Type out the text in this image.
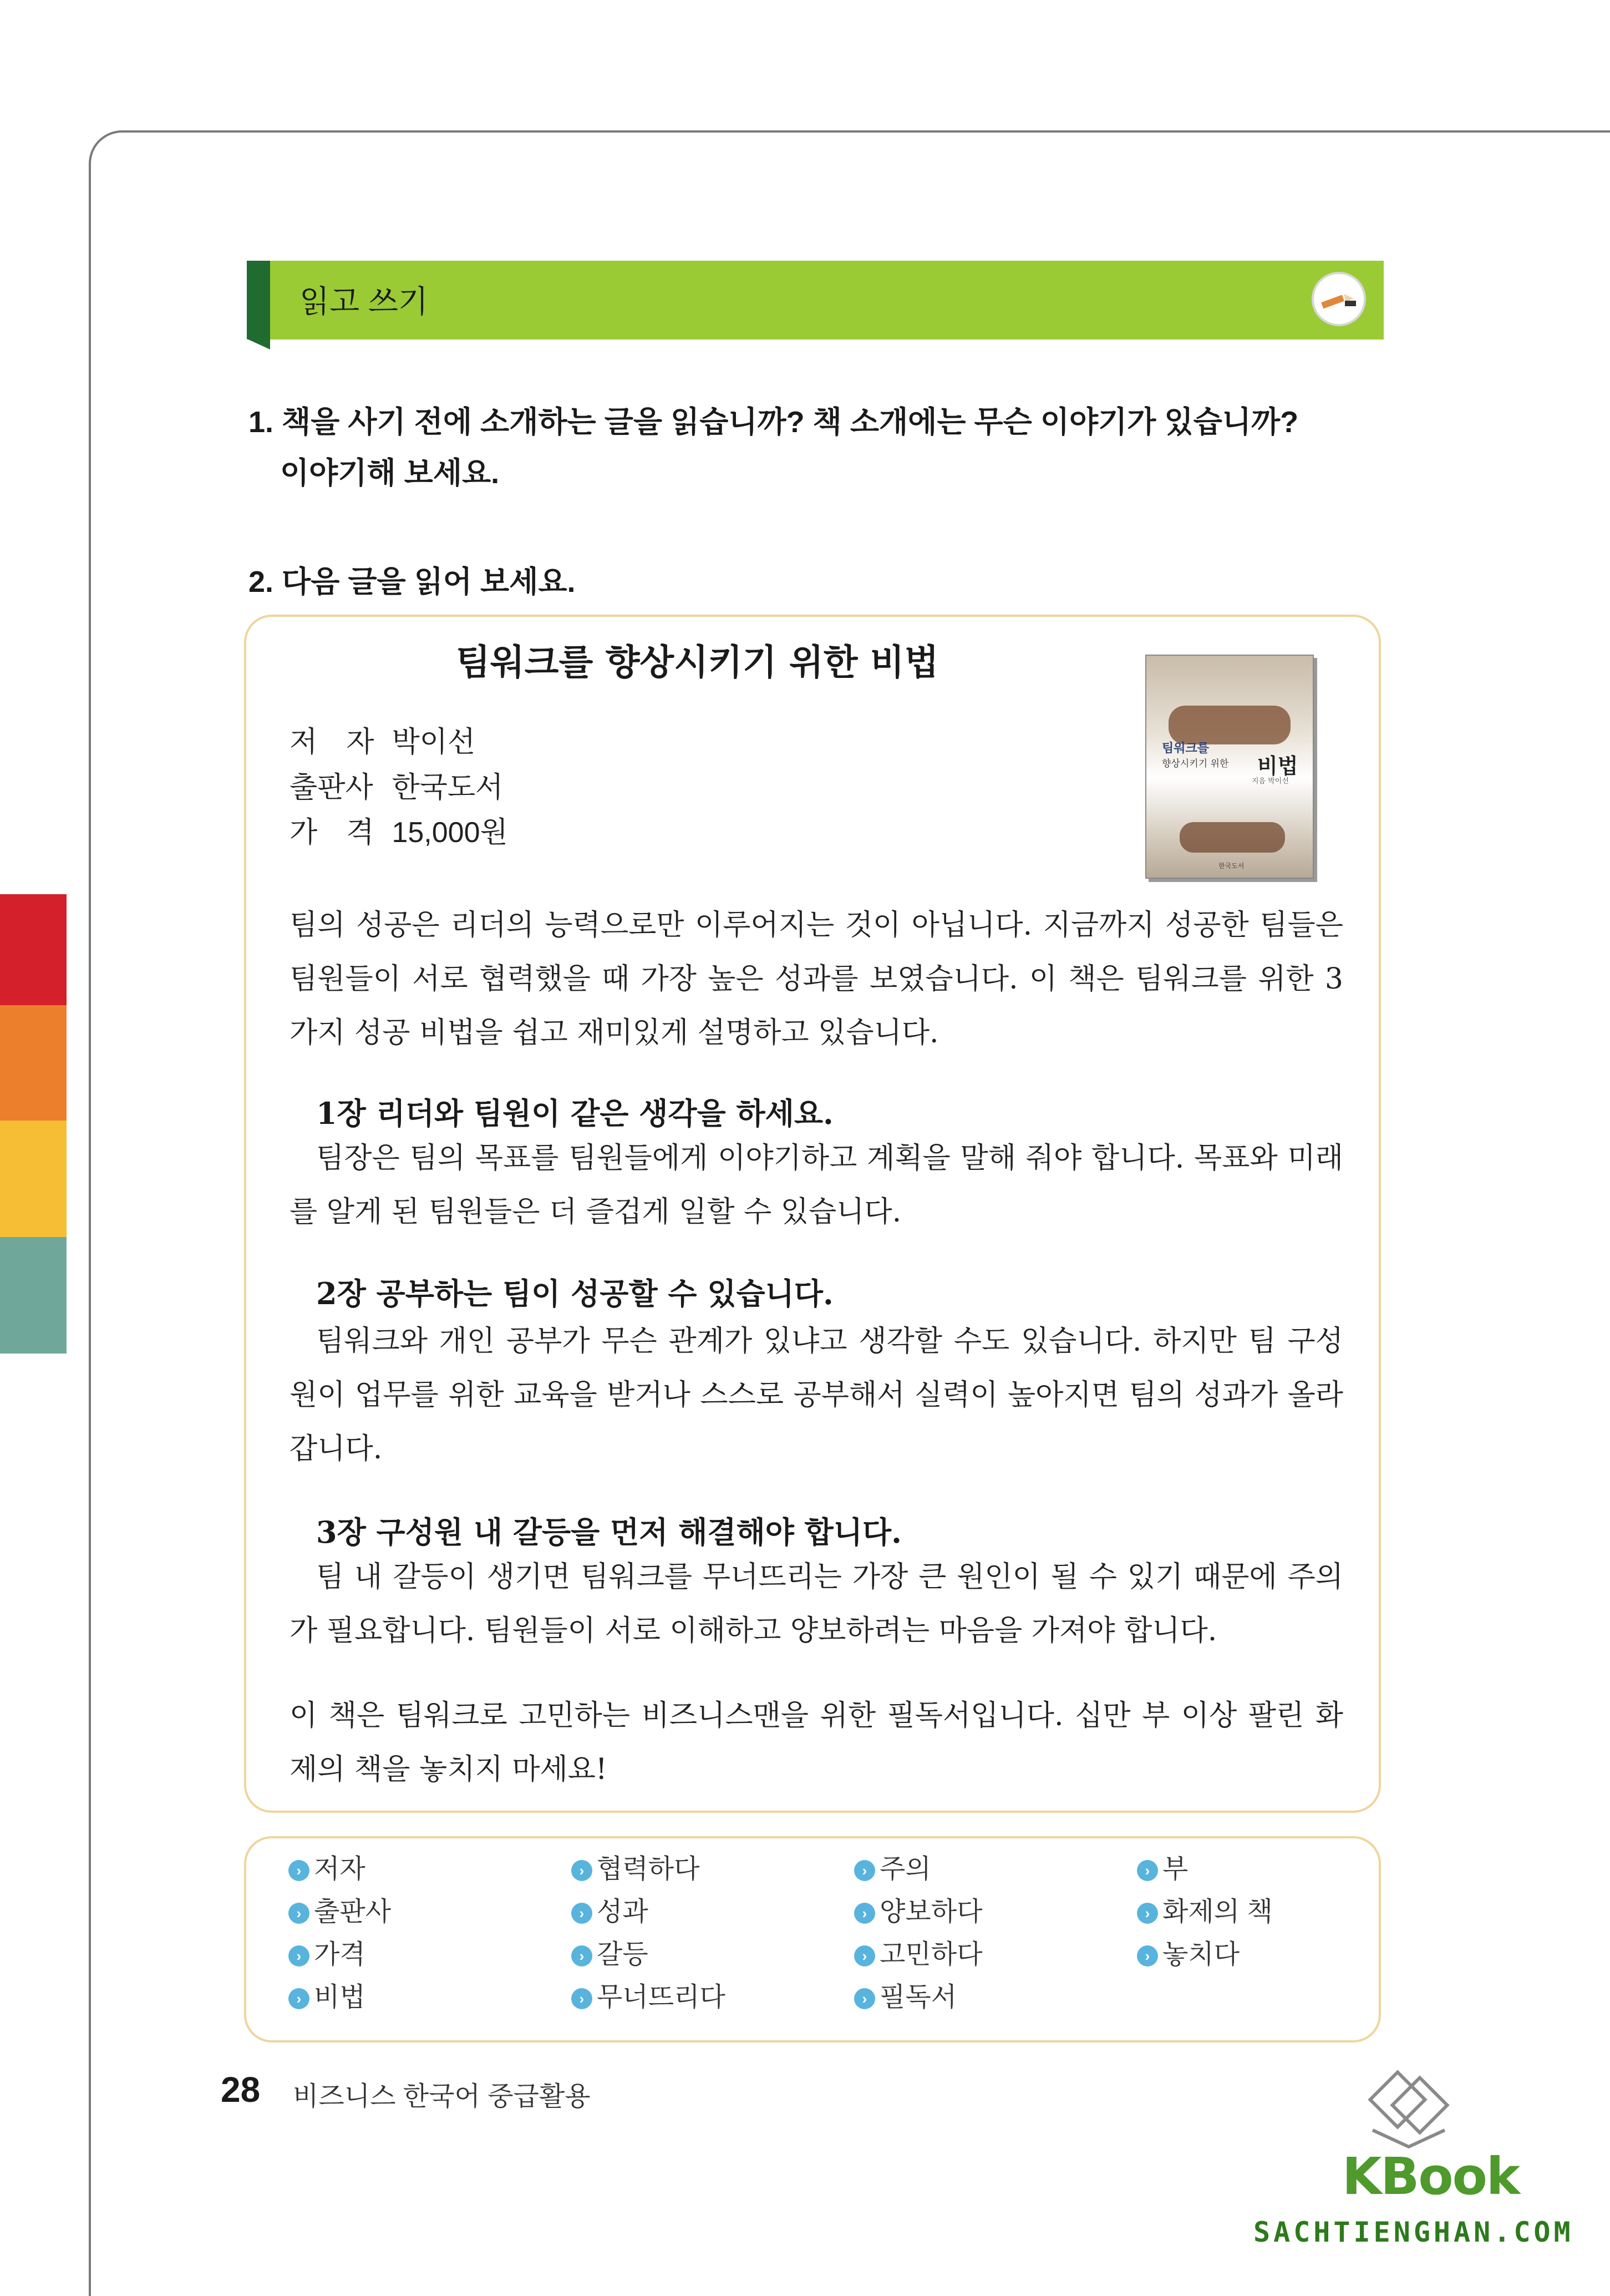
읽고 쓰기
1. 책을 사기 전에 소개하는 글을 읽습니까? 책 소개에는 무슨 이야기가 있습니까?
이야기해 보세요.
2. 다음 글을 읽어 보세요.
팀워크를 향상시키기 위한 비법
저　자 박이선
출판사 한국도서
가　격 15,000원
팀워크를
향상시키기 위한 비법
지음 박이선
한국도서
팀의 성공은 리더의 능력으로만 이루어지는 것이 아닙니다. 지금까지 성공한 팀들은 팀원들이 서로 협력했을 때 가장 높은 성과를 보였습니다. 이 책은 팀워크를 위한 3가지 성공 비법을 쉽고 재미있게 설명하고 있습니다.
1장 리더와 팀원이 같은 생각을 하세요.
팀장은 팀의 목표를 팀원들에게 이야기하고 계획을 말해 줘야 합니다. 목표와 미래를 알게 된 팀원들은 더 즐겁게 일할 수 있습니다.
2장 공부하는 팀이 성공할 수 있습니다.
팀워크와 개인 공부가 무슨 관계가 있냐고 생각할 수도 있습니다. 하지만 팀 구성원이 업무를 위한 교육을 받거나 스스로 공부해서 실력이 높아지면 팀의 성과가 올라갑니다.
3장 구성원 내 갈등을 먼저 해결해야 합니다.
팀 내 갈등이 생기면 팀워크를 무너뜨리는 가장 큰 원인이 될 수 있기 때문에 주의가 필요합니다. 팀원들이 서로 이해하고 양보하려는 마음을 가져야 합니다.
이 책은 팀워크로 고민하는 비즈니스맨을 위한 필독서입니다. 십만 부 이상 팔린 화제의 책을 놓치지 마세요!
› 저자
› 출판사
› 가격
› 비법
› 협력하다
› 성과
› 갈등
› 무너뜨리다
› 주의
› 양보하다
› 고민하다
› 필독서
› 부
› 화제의 책
› 놓치다
28 비즈니스 한국어 중급활용
KBook
SACHTIENGHAN.COM
